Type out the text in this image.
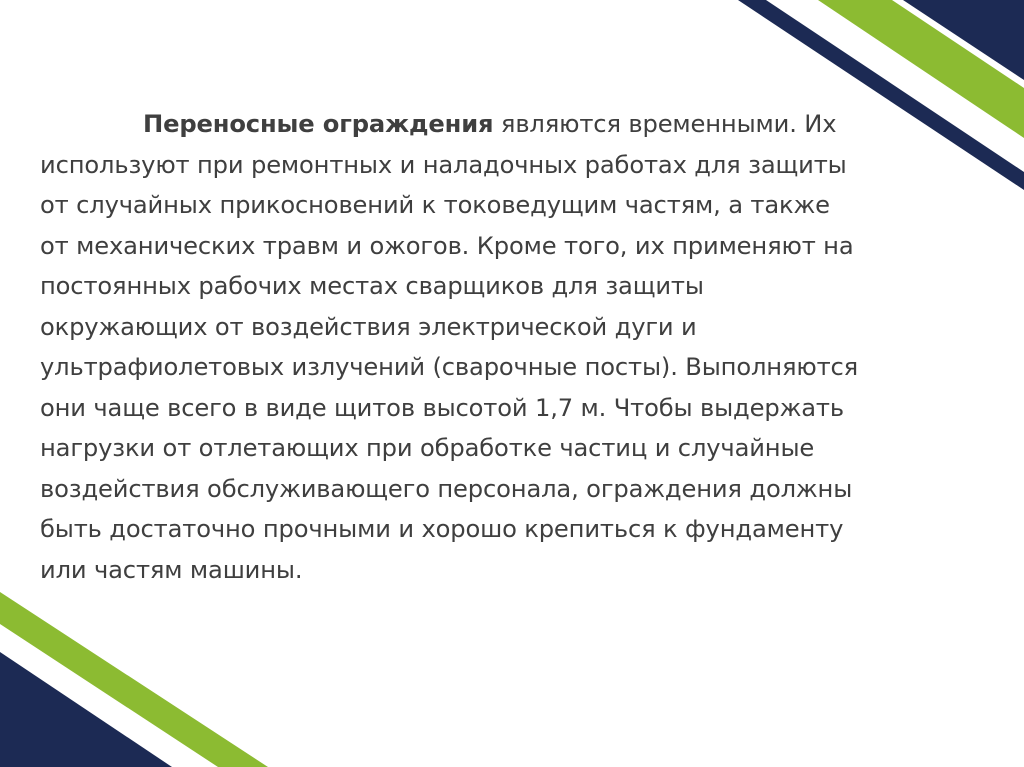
Переносные ограждения являются временными. Их
используют при ремонтных и наладочных работах для защиты
от случайных прикосновений к токоведущим частям, а также
от механических травм и ожогов. Кроме того, их применяют на
постоянных рабочих местах сварщиков для защиты
окружающих от воздействия электрической дуги и
ультрафиолетовых излучений (сварочные посты). Выполняются
они чаще всего в виде щитов высотой 1,7 м. Чтобы выдержать
нагрузки от отлетающих при обработке частиц и случайные
воздействия обслуживающего персонала, ограждения должны
быть достаточно прочными и хорошо крепиться к фундаменту
или частям машины.
